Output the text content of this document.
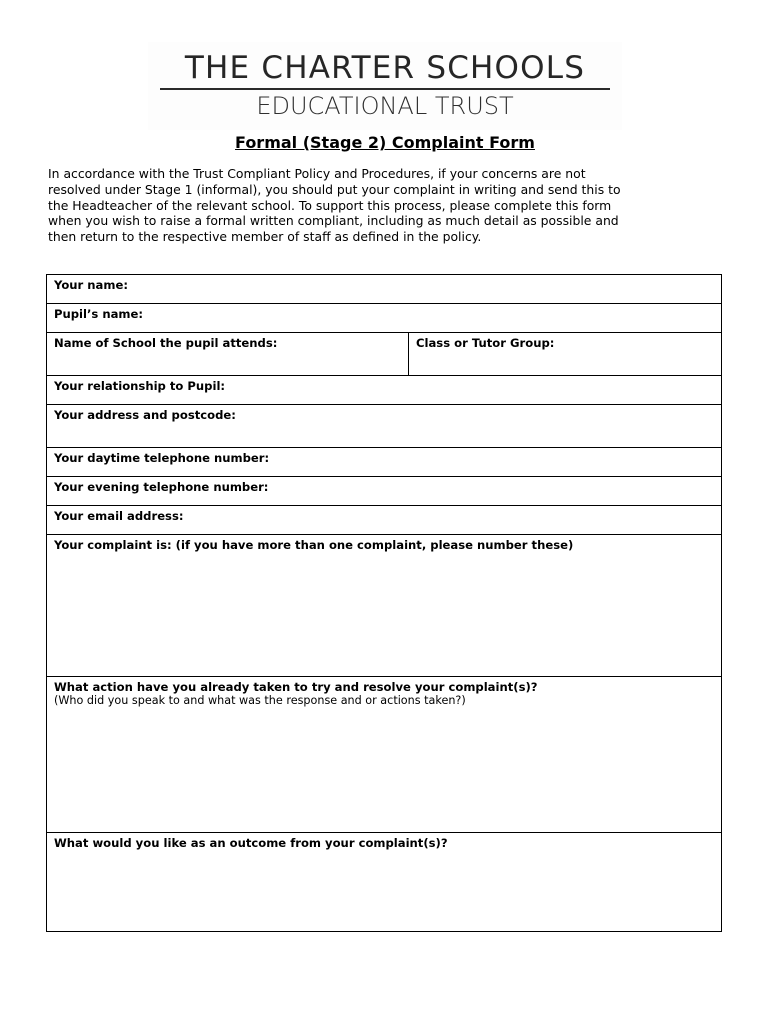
THE CHARTER SCHOOLS
EDUCATIONAL TRUST
Formal (Stage 2) Complaint Form

In accordance with the Trust Compliant Policy and Procedures, if your concerns are not
resolved under Stage 1 (informal), you should put your complaint in writing and send this to
the Headteacher of the relevant school. To support this process, please complete this form
when you wish to raise a formal written compliant, including as much detail as possible and
then return to the respective member of staff as defined in the policy.

Your name:
Pupil’s name:
Name of School the pupil attends:	Class or Tutor Group:
Your relationship to Pupil:
Your address and postcode:
Your daytime telephone number:
Your evening telephone number:
Your email address:
Your complaint is: (if you have more than one complaint, please number these)
What action have you already taken to try and resolve your complaint(s)?
(Who did you speak to and what was the response and or actions taken?)
What would you like as an outcome from your complaint(s)?
